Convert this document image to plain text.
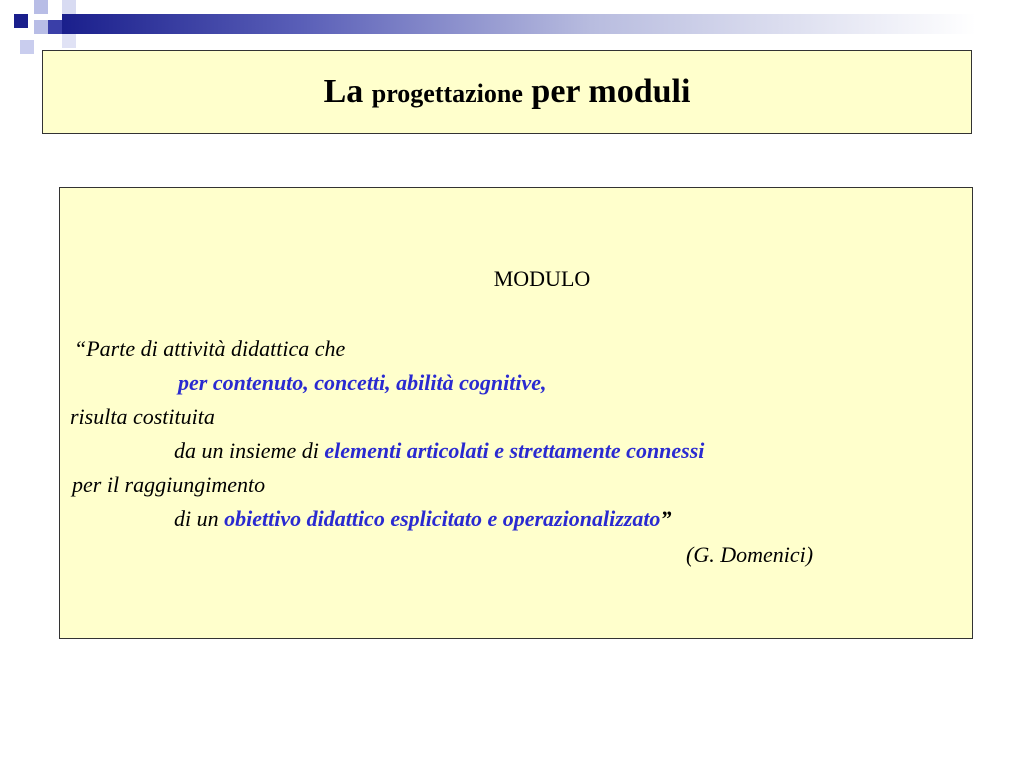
La progettazione per moduli
MODULO
“Parte di attività didattica che
per contenuto, concetti, abilità cognitive,
risulta costituita
da un insieme di elementi articolati e strettamente connessi
per il raggiungimento
di un obiettivo didattico esplicitato e operazionalizzato”
(G. Domenici)
